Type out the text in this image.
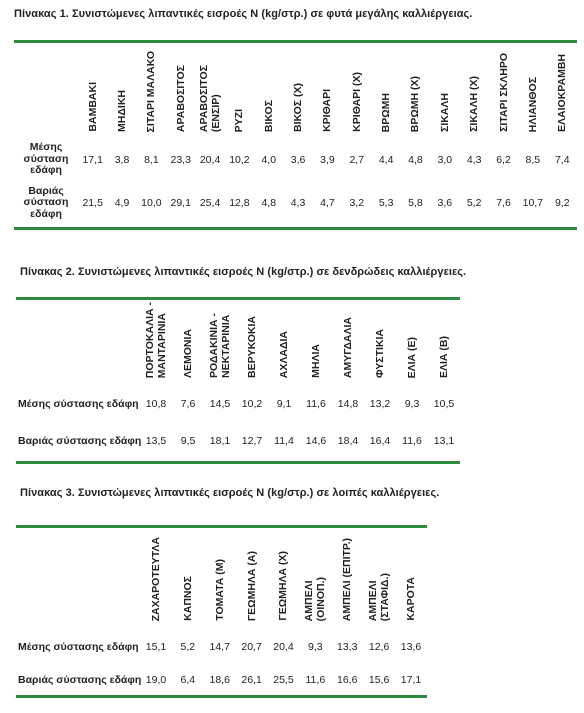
Πίνακας 1. Συνιστώμενες λιπαντικές εισροές Ν (kg/στρ.) σε φυτά μεγάλης καλλιέργειας.
	ΒΑΜΒΑΚΙ	ΜΗΔΙΚΗ	ΣΙΤΑΡΙ ΜΑΛΑΚΟ	ΑΡΑΒΟΣΙΤΟΣ	ΑΡΑΒΟΣΙΤΟΣ
(ΕΝΣΙΡ)	ΡΥΖΙ	ΒΙΚΟΣ	ΒΙΚΟΣ (Χ)	ΚΡΙΘΑΡΙ	ΚΡΙΘΑΡΙ (Χ)	ΒΡΩΜΗ	ΒΡΩΜΗ (Χ)	ΣΙΚΑΛΗ	ΣΙΚΑΛΗ (Χ)	ΣΙΤΑΡΙ ΣΚΛΗΡΟ	ΗΛΙΑΝΘΟΣ	ΕΛΑΙΟΚΡΑΜΒΗ
Μέσης
σύσταση
εδάφη	17,1	3,8	8,1	23,3	20,4	10,2	4,0	3,6	3,9	2,7	4,4	4,8	3,0	4,3	6,2	8,5	7,4
Βαριάς
σύσταση
εδάφη	21,5	4,9	10,0	29,1	25,4	12,8	4,8	4,3	4,7	3,2	5,3	5,8	3,6	5,2	7,6	10,7	9,2
Πίνακας 2. Συνιστώμενες λιπαντικές εισροές Ν (kg/στρ.) σε δενδρώδεις καλλιέργειες.
	ΠΟΡΤΟΚΑΛΙΑ -
ΜΑΝΤΑΡΙΝΙΑ	ΛΕΜΟΝΙΑ	ΡΟΔΑΚΙΝΙΑ -
ΝΕΚΤΑΡΙΝΙΑ	ΒΕΡΥΚΟΚΙΑ	ΑΧΛΑΔΙΑ	ΜΗΛΙΑ	ΑΜΥΓΔΑΛΙΑ	ΦΥΣΤΙΚΙΑ	ΕΛΙΑ (Ε)	ΕΛΙΑ (Β)
Μέσης σύστασης εδάφη	10,8	7,6	14,5	10,2	9,1	11,6	14,8	13,2	9,3	10,5
Βαριάς σύστασης εδάφη	13,5	9,5	18,1	12,7	11,4	14,6	18,4	16,4	11,6	13,1
Πίνακας 3. Συνιστώμενες λιπαντικές εισροές Ν (kg/στρ.) σε λοιπές καλλιέργειες.
	ΖΑΧΑΡΟΤΕΥΤΛΑ	ΚΑΠΝΟΣ	ΤΟΜΑΤΑ (Μ)	ΓΕΩΜΗΛΑ (Α)	ΓΕΩΜΗΛΑ (Χ)	ΑΜΠΕΛΙ
(ΟΙΝΟΠ.)	ΑΜΠΕΛΙ (ΕΠΙΤΡ.)	ΑΜΠΕΛΙ
(ΣΤΑΦΙΔ.)	ΚΑΡΟΤΑ
Μέσης σύστασης εδάφη	15,1	5,2	14,7	20,7	20,4	9,3	13,3	12,6	13,6
Βαριάς σύστασης εδάφη	19,0	6,4	18,6	26,1	25,5	11,6	16,6	15,6	17,1
